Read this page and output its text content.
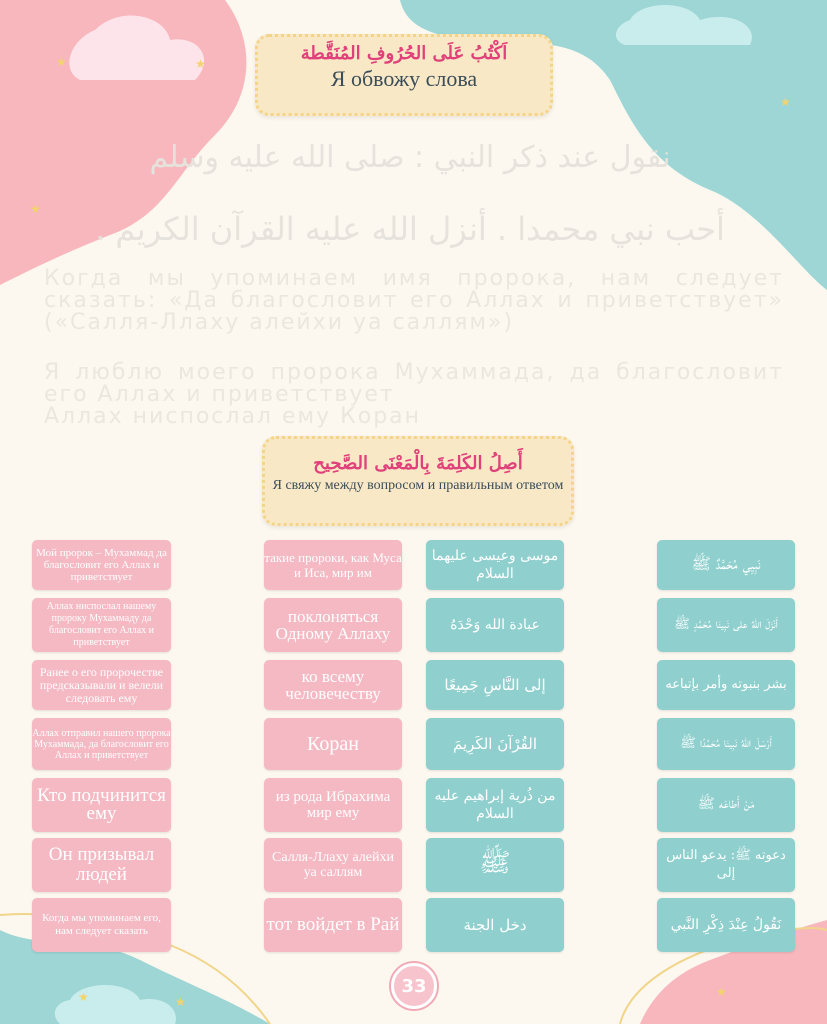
★
★
★
★
★	★
★
اَكْتُبُ عَلَى الحُرُوفِ المُنَقَّطة
Я обвожу слова
نقول عند ذكر النبي : صلى الله عليه وسلم
أحب نبي محمدا . أنزل الله عليه القرآن الكريم .
Когда мы упоминаем имя пророка, нам следует сказать: «Да благословит его Аллах и приветствует» («Салля-Ллаху алейхи уа саллям»)
Я люблю моего пророка Мухаммада, да благословит его Аллах и приветствует
Аллах ниспослал ему Коран
أَصِلُ الكَلِمَةَ بِالْمَعْنَى الصَّحِيح
Я свяжу между вопросом и правильным ответом
Мой пророк – Мухаммад да благословит его Аллах и приветствует
Аллах ниспослал нашему пророку Мухаммаду да благословит его Аллах и приветствует
Ранее о его пророчестве предсказывали и велели следовать ему
Аллах отправил нашего пророка Мухаммада, да благословит его Аллах и приветствует
Кто подчинится ему
Он призывал людей
Когда мы упоминаем его, нам следует сказать
такие пророки, как Муса и Иса, мир им
поклоняться Одному Аллаху
ко всему человечеству
Коран
из рода Ибрахима мир ему
Салля-Ллаху алейхи уа саллям
тот войдет в Рай
موسى وعيسى عليهما السلام
عبادة الله وَحْدَهُ
إلى النَّاسِ جَمِيعًا
القُرْآنَ الكَرِيمَ
من ذُرية إبراهيم عليه السلام
ﷺ
دخل الجنة
نَبِيِي مُحَمَّدٌ ﷺ
أَنْزَلَ اللهُ على نَبِينَا مُحَمَّدٍ ﷺ
بشر بنبوته وأمر بإتباعه
أَرْسَلَ اللهُ نَبِينَا مُحَمَّدًا ﷺ
مَنْ أَطاعَه ﷺ
دعوته ﷺ: يدعو الناس إلى
نَقُولُ عِنْدَ ذِكْرِ النَّبي
33
